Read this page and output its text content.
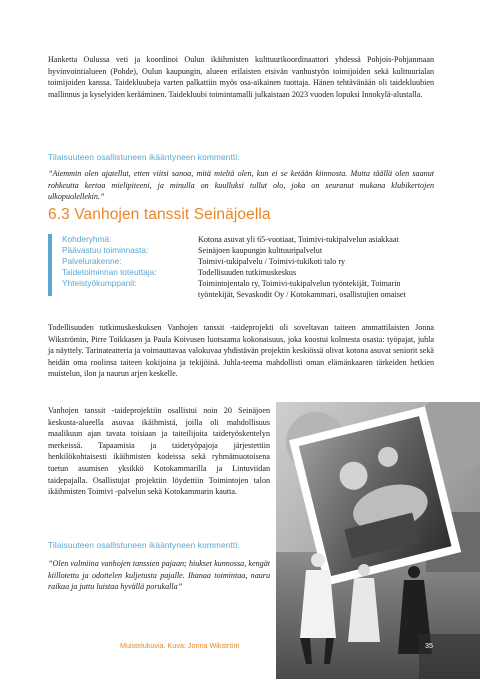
Hanketta Oulussa veti ja koordinoi Oulun ikäihmisten kulttuurikoordinaattori yhdessä Pohjois-Pohjanmaan hyvinvointialueen (Pohde), Oulun kaupungin, alueen erilaisten etsivän vanhustyön toimijoiden sekä kulttuurialan toimijoiden kanssa. Taidekluubeja varten palkattiin myös osa-aikainen tuottaja. Hänen tehtävänään oli taidekluubien mallinnus ja kyselyiden kerääminen. Taidekluubi toimintamalli julkaistaan 2023 vuoden lopuksi Innokylä-alustalla.
Tilaisuuteen osallistuneen ikääntyneen kommentti:
”Aiemmin olen ajatellut, etten viitsi sanoa, mitä mieltä olen, kun ei se ketään kiinnosta. Mutta täällä olen saanut rohkeutta kertoa mielipiteeni, ja minulla on kuulluksi tullut olo, joka on seuranut mukana klubikertojen ulkopuolellekin.”
6.3 Vanhojen tanssit Seinäjoella
Kohderyhmä:	Kotona asuvat yli 65-vuotiaat, Toimivi-tukipalvelun asiakkaat
Päävastuu toiminnasta:	Seinäjoen kaupungin kulttuuripalvelut
Palvelurakenne:	Toimivi-tukipalvelu / Toimivi-tukikoti talo ry
Taidetoiminnan toteuttaja:	Todellisuuden tutkimuskeskus
Yhteistyökumppanit:	Toimintojentalo ry, Toimivi-tukipalvelun työntekijät, Toimarin työntekijät, Sevaskodit Oy / Kotokammari, osallistujien omaiset
Todellisuuden tutkimuskeskuksen Vanhojen tanssit -taideprojekti oli soveltavan taiteen ammattilaisten Jonna Wikströmin, Pirre Toikkasen ja Paula Koivusen luotsaama kokonaisuus, joka koostui kolmesta osasta: työpajat, juhla ja näyttely. Tarinateatteria ja voimauttavaa valokuvaa yhdistävän projektin keskiössä olivat kotona asuvat seniorit sekä heidän oma roolinsa taiteen kokijoina ja tekijöinä. Juhla-teema mahdollisti oman elämänkaaren tärkeiden hetkien muistelun, ilon ja naurun arjen keskelle.
Vanhojen tanssit -taideprojektiin osallistui noin 20 Seinäjoen keskusta-alueella asuvaa ikäihmistä, joilla oli mahdollisuus maalikuun ajan tavata toisiaan ja taiteilijoita taidetyöskentelyn merkeissä. Tapaamisia ja taidetyöpajoja järjestettiin henkilökohtaisesti ikäihmisten kodeissa sekä ryhmämuotoisena tuetun asumisen yksikkö Kotokammarilla ja Lintuviidan taidepajalla. Osallistujat projektiin löydettiin Toimintojen talon ikäihmisten Toimivi -palvelun sekä Kotokammarin kautta.
Tilaisuuteen osallistuneen ikääntyneen kommentti:
”Olen valmiina vanhojen tanssien pajaan; hiukset kunnossa, kengät kiillotettu ja odottelen kuljetusta pajalle. Ihanaa toimintaa, nauru raikaa ja juttu luistaa hyvällä porukalla”
Muistelukuvia. Kuva: Jonna Wikström	35
